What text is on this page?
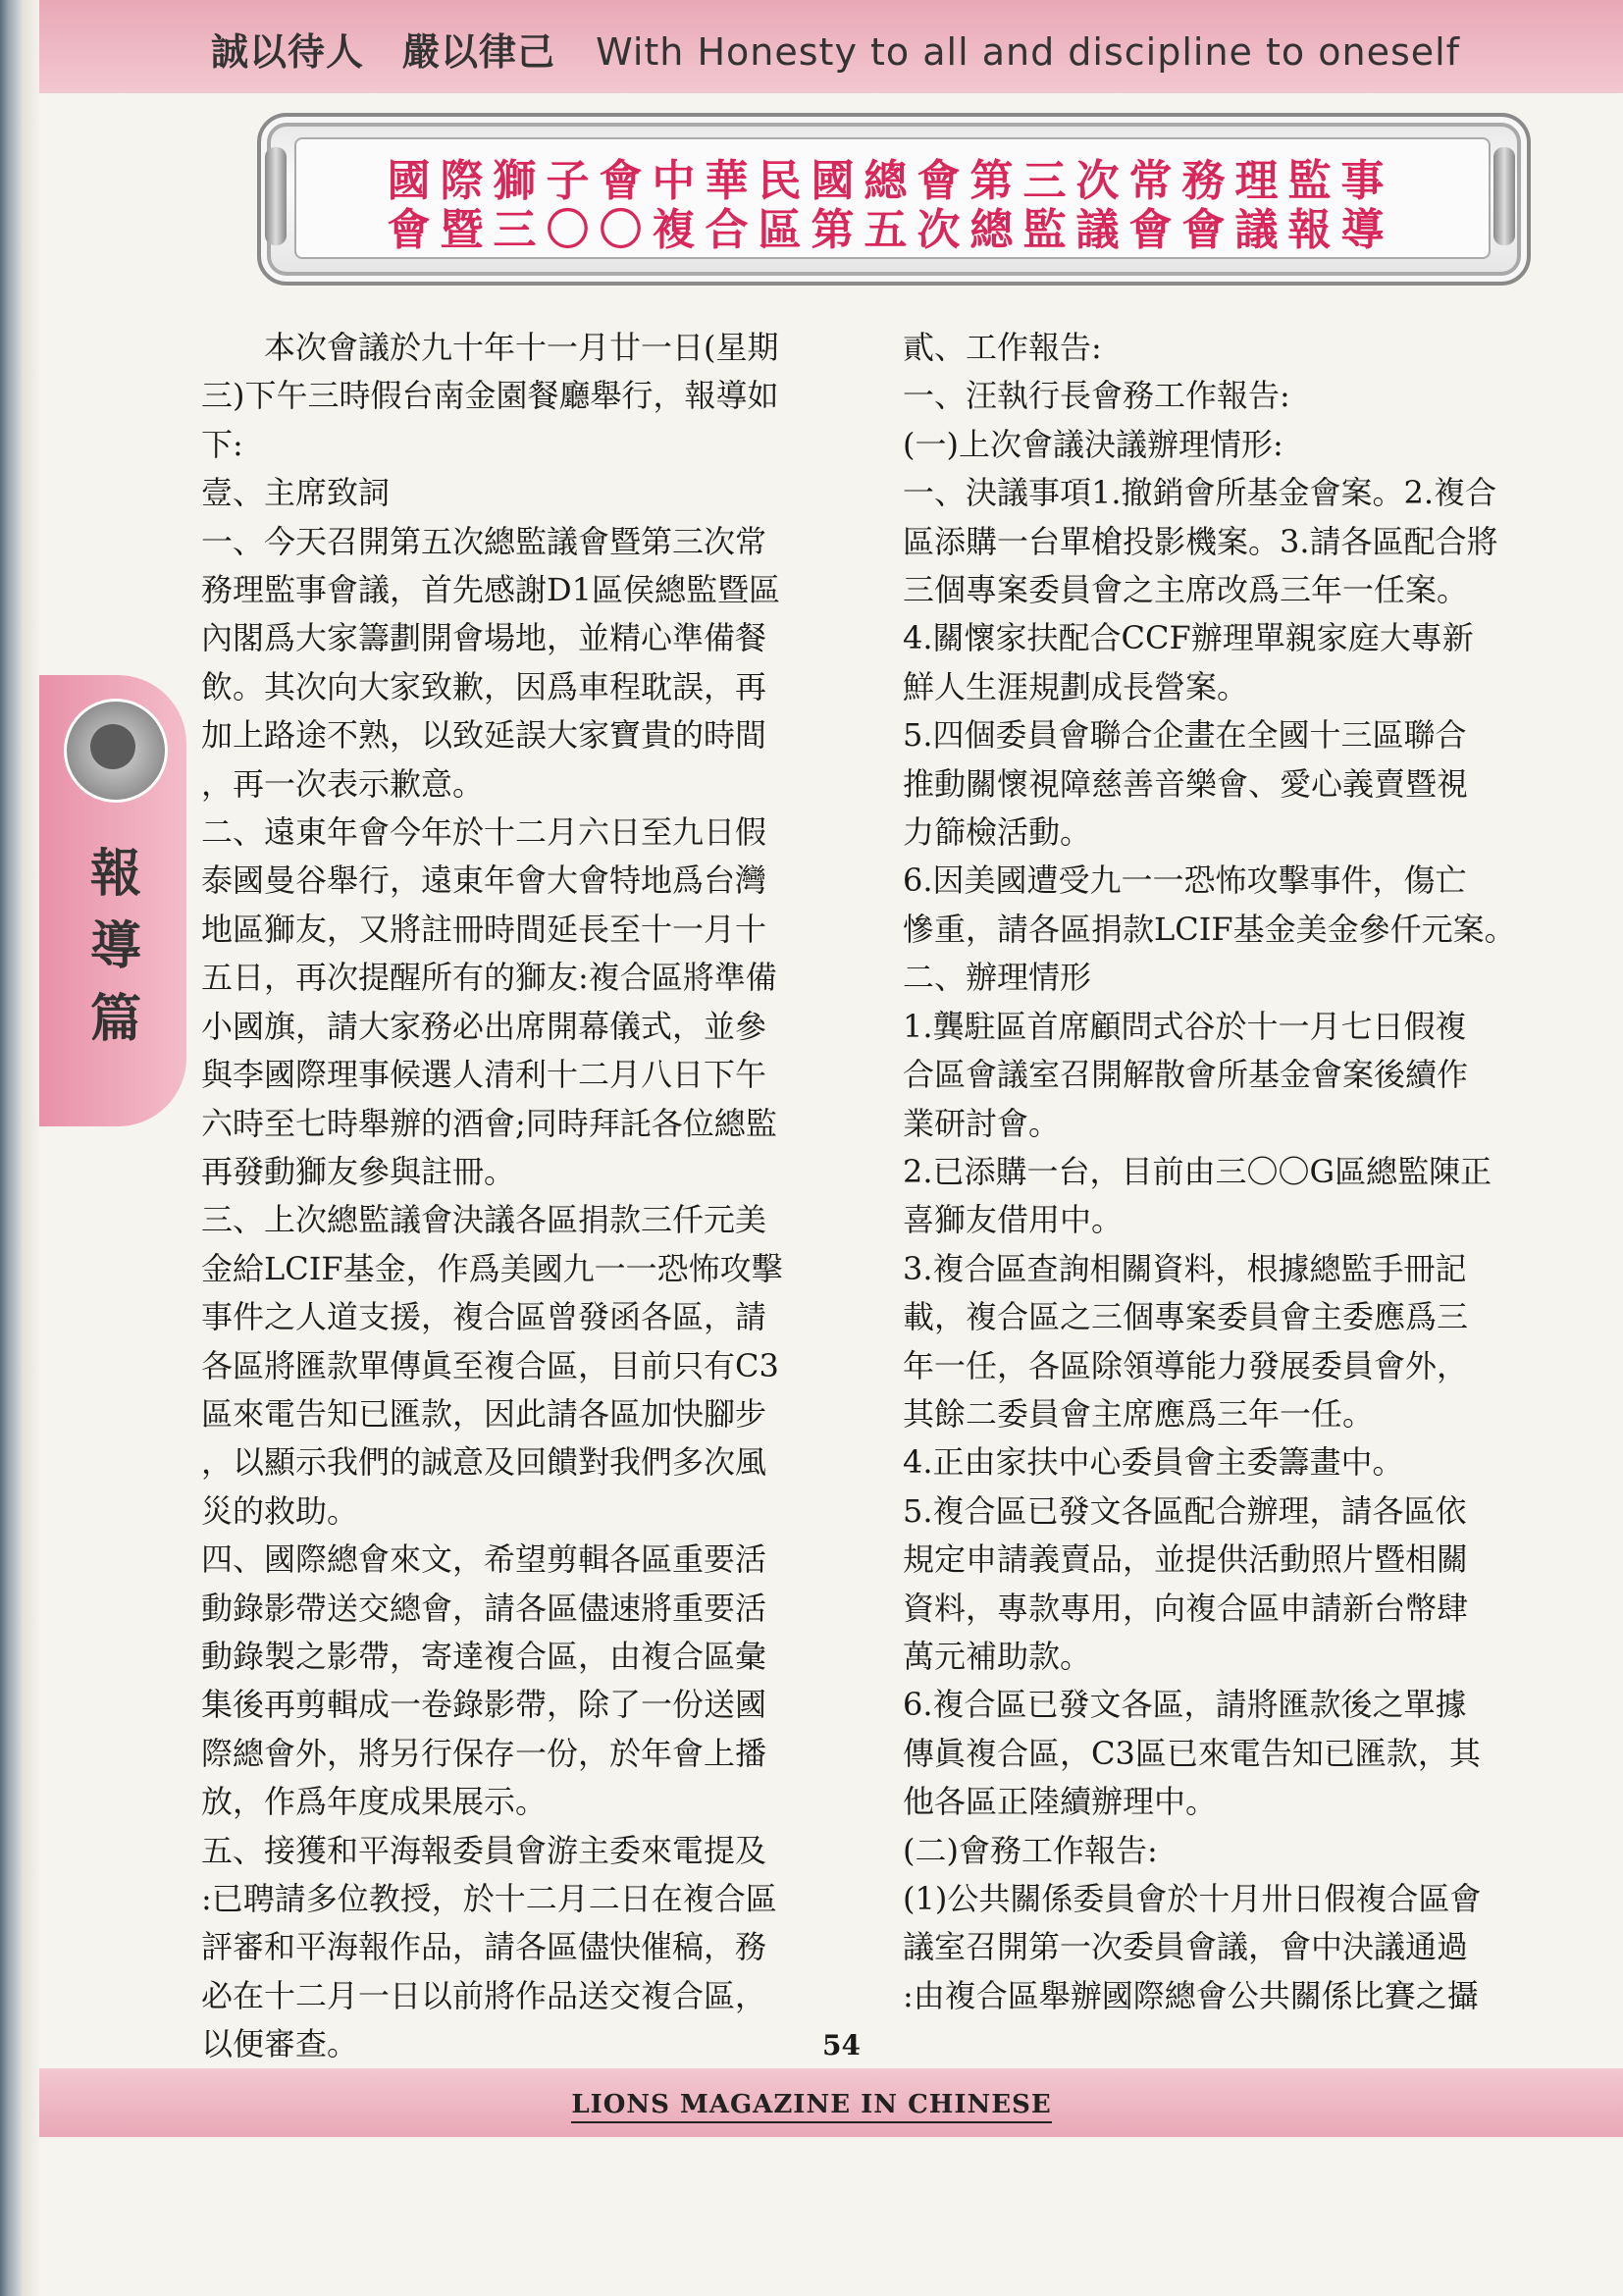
誠以待人　嚴以律己 With Honesty to all and discipline to oneself
國際獅子會中華民國總會第三次常務理監事
會暨三〇〇複合區第五次總監議會會議報導
報
導
篇

　　本次會議於九十年十一月廿一日(星期

三)下午三時假台南金園餐廳舉行，報導如

下:

壹、主席致詞

一、今天召開第五次總監議會暨第三次常

務理監事會議，首先感謝D1區侯總監暨區

內閣爲大家籌劃開會場地，並精心準備餐

飲。其次向大家致歉，因爲車程耽誤，再

加上路途不熟，以致延誤大家寶貴的時間

，再一次表示歉意。

二、遠東年會今年於十二月六日至九日假

泰國曼谷舉行，遠東年會大會特地爲台灣

地區獅友，又將註冊時間延長至十一月十

五日，再次提醒所有的獅友:複合區將準備

小國旗，請大家務必出席開幕儀式，並參

與李國際理事候選人清利十二月八日下午

六時至七時舉辦的酒會;同時拜託各位總監

再發動獅友參與註冊。

三、上次總監議會決議各區捐款三仟元美

金給LCIF基金，作爲美國九一一恐怖攻擊

事件之人道支援，複合區曾發函各區，請

各區將匯款單傳眞至複合區，目前只有C3

區來電告知已匯款，因此請各區加快腳步

，以顯示我們的誠意及回饋對我們多次風

災的救助。

四、國際總會來文，希望剪輯各區重要活

動錄影帶送交總會，請各區儘速將重要活

動錄製之影帶，寄達複合區，由複合區彙

集後再剪輯成一卷錄影帶，除了一份送國

際總會外，將另行保存一份，於年會上播

放，作爲年度成果展示。

五、接獲和平海報委員會游主委來電提及

:已聘請多位教授，於十二月二日在複合區

評審和平海報作品，請各區儘快催稿，務

必在十二月一日以前將作品送交複合區，

以便審查。

貳、工作報告:

一、汪執行長會務工作報告:

(一)上次會議決議辦理情形:

一、決議事項1.撤銷會所基金會案。2.複合

區添購一台單槍投影機案。3.請各區配合將

三個專案委員會之主席改爲三年一任案。

4.關懷家扶配合CCF辦理單親家庭大專新

鮮人生涯規劃成長營案。

5.四個委員會聯合企畫在全國十三區聯合

推動關懷視障慈善音樂會、愛心義賣暨視

力篩檢活動。

6.因美國遭受九一一恐怖攻擊事件，傷亡

慘重，請各區捐款LCIF基金美金參仟元案。

二、辦理情形

1.龔駐區首席顧問式谷於十一月七日假複

合區會議室召開解散會所基金會案後續作

業研討會。

2.已添購一台，目前由三〇〇G區總監陳正

喜獅友借用中。

3.複合區查詢相關資料，根據總監手冊記

載，複合區之三個專案委員會主委應爲三

年一任，各區除領導能力發展委員會外，

其餘二委員會主席應爲三年一任。

4.正由家扶中心委員會主委籌畫中。

5.複合區已發文各區配合辦理，請各區依

規定申請義賣品，並提供活動照片暨相關

資料，專款專用，向複合區申請新台幣肆

萬元補助款。

6.複合區已發文各區，請將匯款後之單據

傳眞複合區，C3區已來電告知已匯款，其

他各區正陸續辦理中。

(二)會務工作報告:

(1)公共關係委員會於十月卅日假複合區會

議室召開第一次委員會議，會中決議通過

:由複合區舉辦國際總會公共關係比賽之攝

54
LIONS MAGAZINE IN CHINESE
